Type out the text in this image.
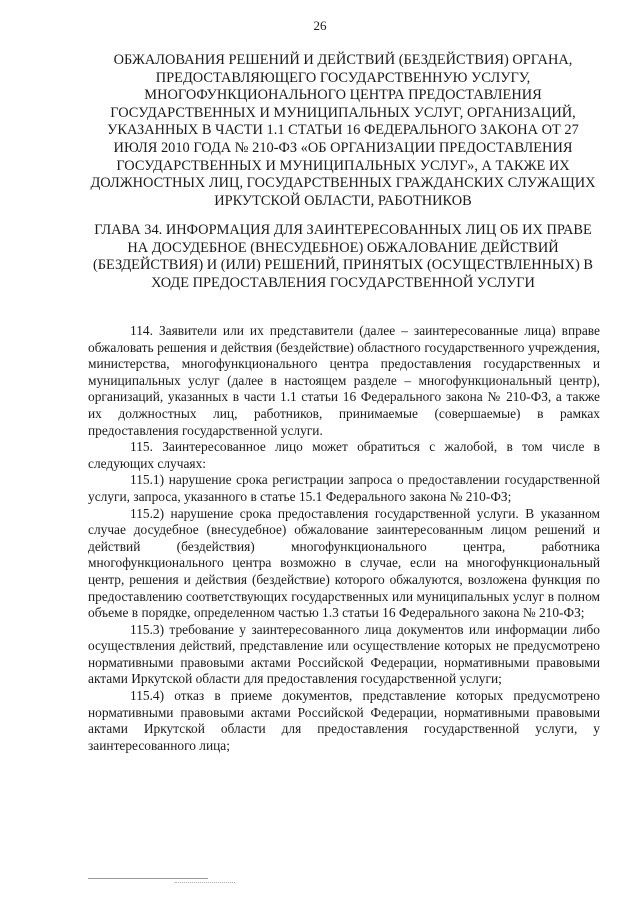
26
ОБЖАЛОВАНИЯ РЕШЕНИЙ И ДЕЙСТВИЙ (БЕЗДЕЙСТВИЯ) ОРГАНА, ПРЕДОСТАВЛЯЮЩЕГО ГОСУДАРСТВЕННУЮ УСЛУГУ, МНОГОФУНКЦИОНАЛЬНОГО ЦЕНТРА ПРЕДОСТАВЛЕНИЯ ГОСУДАРСТВЕННЫХ И МУНИЦИПАЛЬНЫХ УСЛУГ, ОРГАНИЗАЦИЙ, УКАЗАННЫХ В ЧАСТИ 1.1 СТАТЬИ 16 ФЕДЕРАЛЬНОГО ЗАКОНА ОТ 27 ИЮЛЯ 2010 ГОДА № 210-ФЗ «ОБ ОРГАНИЗАЦИИ ПРЕДОСТАВЛЕНИЯ ГОСУДАРСТВЕННЫХ И МУНИЦИПАЛЬНЫХ УСЛУГ», А ТАКЖЕ ИХ ДОЛЖНОСТНЫХ ЛИЦ, ГОСУДАРСТВЕННЫХ ГРАЖДАНСКИХ СЛУЖАЩИХ ИРКУТСКОЙ ОБЛАСТИ, РАБОТНИКОВ
ГЛАВА 34. ИНФОРМАЦИЯ ДЛЯ ЗАИНТЕРЕСОВАННЫХ ЛИЦ ОБ ИХ ПРАВЕ НА ДОСУДЕБНОЕ (ВНЕСУДЕБНОЕ) ОБЖАЛОВАНИЕ ДЕЙСТВИЙ (БЕЗДЕЙСТВИЯ) И (ИЛИ) РЕШЕНИЙ, ПРИНЯТЫХ (ОСУЩЕСТВЛЕННЫХ) В ХОДЕ ПРЕДОСТАВЛЕНИЯ ГОСУДАРСТВЕННОЙ УСЛУГИ

114. Заявители или их представители (далее – заинтересованные лица) вправе обжаловать решения и действия (бездействие) областного государственного учреждения, министерства, многофункционального центра предоставления государственных и муниципальных услуг (далее в настоящем разделе – многофункциональный центр), организаций, указанных в части 1.1 статьи 16 Федерального закона № 210-ФЗ, а также их должностных лиц, работников, принимаемые (совершаемые) в рамках предоставления государственной услуги.

115. Заинтересованное лицо может обратиться с жалобой, в том числе в следующих случаях:

115.1) нарушение срока регистрации запроса о предоставлении государственной услуги, запроса, указанного в статье 15.1 Федерального закона № 210-ФЗ;

115.2) нарушение срока предоставления государственной услуги. В указанном случае досудебное (внесудебное) обжалование заинтересованным лицом решений и действий (бездействия) многофункционального центра, работника многофункционального центра возможно в случае, если на многофункциональный центр, решения и действия (бездействие) которого обжалуются, возложена функция по предоставлению соответствующих государственных или муниципальных услуг в полном объеме в порядке, определенном частью 1.3 статьи 16 Федерального закона № 210-ФЗ;

115.3) требование у заинтересованного лица документов или информации либо осуществления действий, представление или осуществление которых не предусмотрено нормативными правовыми актами Российской Федерации, нормативными правовыми актами Иркутской области для предоставления государственной услуги;

115.4) отказ в приеме документов, представление которых предусмотрено нормативными правовыми актами Российской Федерации, нормативными правовыми актами Иркутской области для предоставления государственной услуги, у заинтересованного лица;
